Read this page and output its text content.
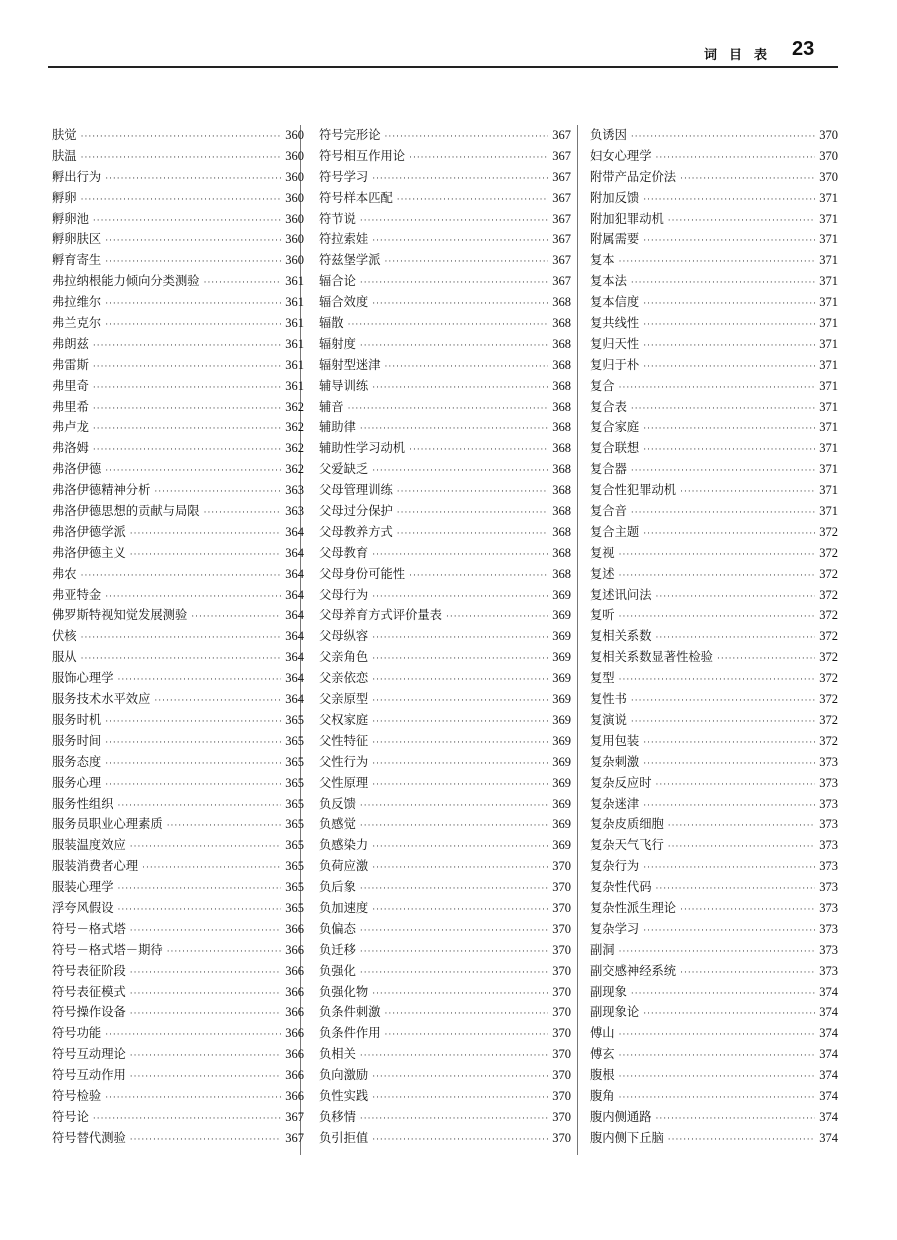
词目表 23
肤觉 ·····	360
肤温 ·····	360
孵出行为 ·····	360
孵卵 ·····	360
孵卵池 ·····	360
孵卵肤区 ·····	360
孵育寄生 ·····	360
弗拉纳根能力倾向分类测验 ·····	361
弗拉维尔 ·····	361
弗兰克尔 ·····	361
弗朗兹 ·····	361
弗雷斯 ·····	361
弗里奇 ·····	361
弗里希 ·····	362
弗卢龙 ·····	362
弗洛姆 ·····	362
弗洛伊德 ·····	362
弗洛伊德精神分析 ·····	363
弗洛伊德思想的贡献与局限 ·····	363
弗洛伊德学派 ·····	364
弗洛伊德主义 ·····	364
弗农 ·····	364
弗亚特金 ·····	364
佛罗斯特视知觉发展测验 ·····	364
伏核 ·····	364
服从 ·····	364
服饰心理学 ·····	364
服务技术水平效应 ·····	364
服务时机 ·····	365
服务时间 ·····	365
服务态度 ·····	365
服务心理 ·····	365
服务性组织 ·····	365
服务员职业心理素质 ·····	365
服装温度效应 ·····	365
服装消费者心理 ·····	365
服装心理学 ·····	365
浮夸风假设 ·····	365
符号－格式塔 ·····	366
符号－格式塔－期待 ·····	366
符号表征阶段 ·····	366
符号表征模式 ·····	366
符号操作设备 ·····	366
符号功能 ·····	366
符号互动理论 ·····	366
符号互动作用 ·····	366
符号检验 ·····	366
符号论 ·····	367
符号替代测验 ·····	367
符号完形论 ·····	367
符号相互作用论 ·····	367
符号学习 ·····	367
符号样本匹配 ·····	367
符节说 ·····	367
符拉索娃 ·····	367
符兹堡学派 ·····	367
辐合论 ·····	367
辐合效度 ·····	368
辐散 ·····	368
辐射度 ·····	368
辐射型迷津 ·····	368
辅导训练 ·····	368
辅音 ·····	368
辅助律 ·····	368
辅助性学习动机 ·····	368
父爱缺乏 ·····	368
父母管理训练 ·····	368
父母过分保护 ·····	368
父母教养方式 ·····	368
父母教育 ·····	368
父母身份可能性 ·····	368
父母行为 ·····	369
父母养育方式评价量表 ·····	369
父母纵容 ·····	369
父亲角色 ·····	369
父亲依恋 ·····	369
父亲原型 ·····	369
父权家庭 ·····	369
父性特征 ·····	369
父性行为 ·····	369
父性原理 ·····	369
负反馈 ·····	369
负感觉 ·····	369
负感染力 ·····	369
负荷应激 ·····	370
负后象 ·····	370
负加速度 ·····	370
负偏态 ·····	370
负迁移 ·····	370
负强化 ·····	370
负强化物 ·····	370
负条件刺激 ·····	370
负条件作用 ·····	370
负相关 ·····	370
负向激励 ·····	370
负性实践 ·····	370
负移情 ·····	370
负引拒值 ·····	370
负诱因 ·····	370
妇女心理学 ·····	370
附带产品定价法 ·····	370
附加反馈 ·····	371
附加犯罪动机 ·····	371
附属需要 ·····	371
复本 ·····	371
复本法 ·····	371
复本信度 ·····	371
复共线性 ·····	371
复归天性 ·····	371
复归于朴 ·····	371
复合 ·····	371
复合表 ·····	371
复合家庭 ·····	371
复合联想 ·····	371
复合器 ·····	371
复合性犯罪动机 ·····	371
复合音 ·····	371
复合主题 ·····	372
复视 ·····	372
复述 ·····	372
复述讯问法 ·····	372
复听 ·····	372
复相关系数 ·····	372
复相关系数显著性检验 ·····	372
复型 ·····	372
复性书 ·····	372
复演说 ·····	372
复用包装 ·····	372
复杂刺激 ·····	373
复杂反应时 ·····	373
复杂迷津 ·····	373
复杂皮质细胞 ·····	373
复杂天气飞行 ·····	373
复杂行为 ·····	373
复杂性代码 ·····	373
复杂性派生理论 ·····	373
复杂学习 ·····	373
副洞 ·····	373
副交感神经系统 ·····	373
副现象 ·····	374
副现象论 ·····	374
傅山 ·····	374
傅玄 ·····	374
腹根 ·····	374
腹角 ·····	374
腹内侧通路 ·····	374
腹内侧下丘脑 ·····	374
